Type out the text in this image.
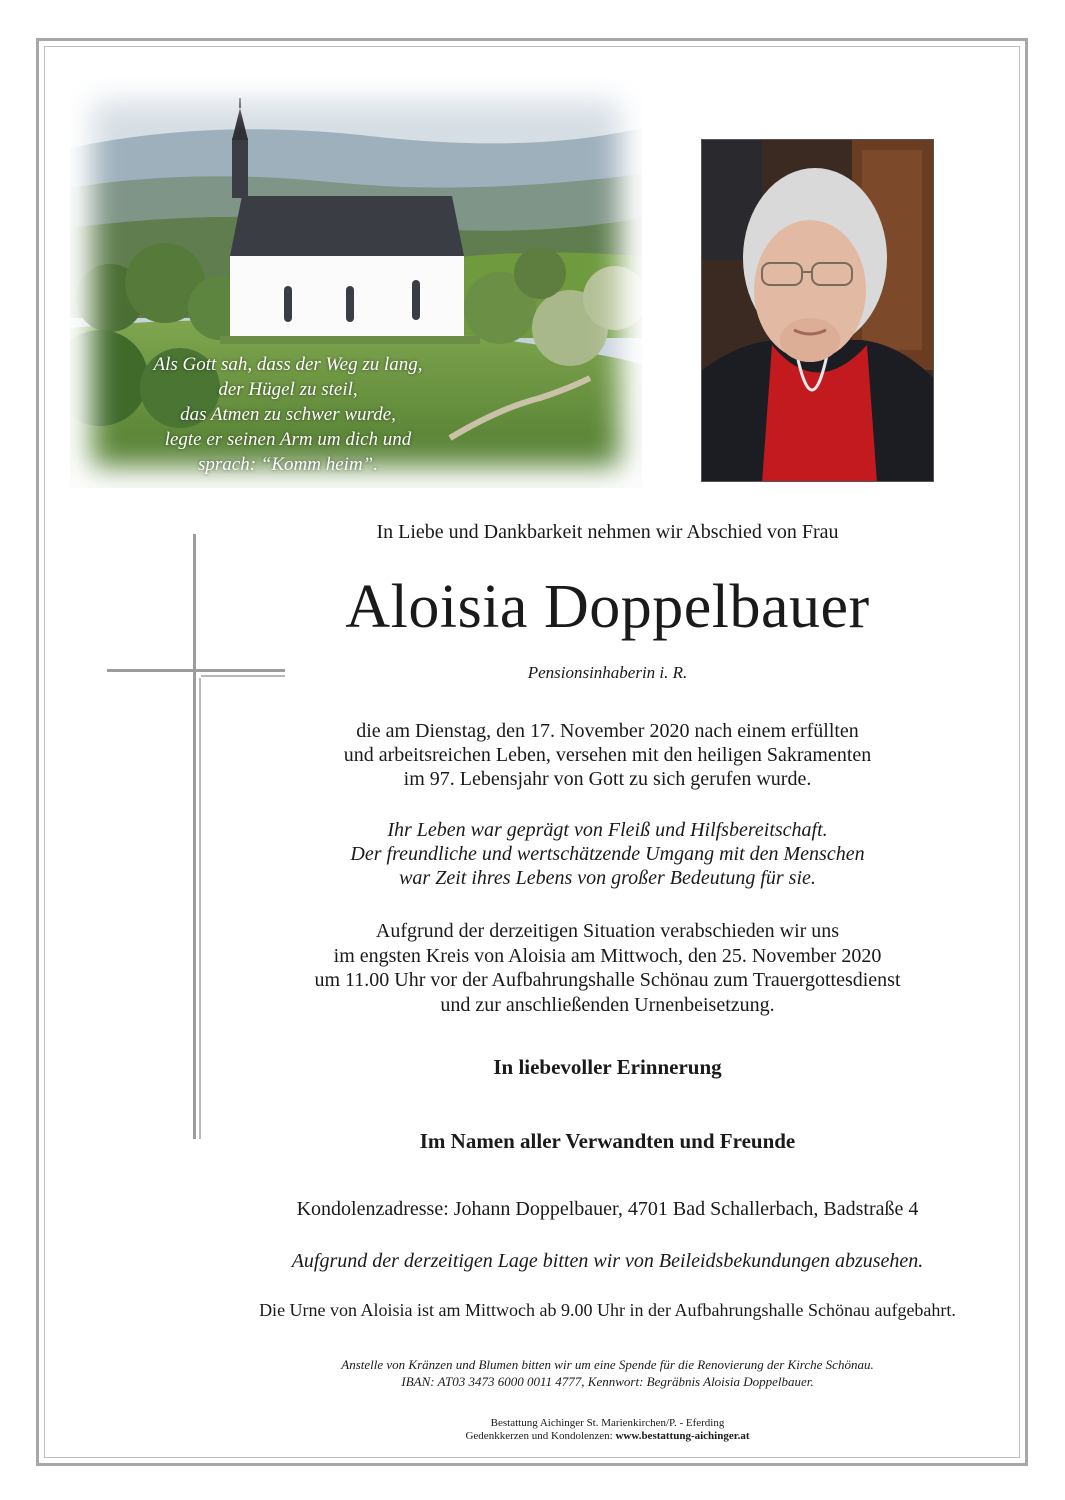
Als Gott sah, dass der Weg zu lang,
der Hügel zu steil,
das Atmen zu schwer wurde,
legte er seinen Arm um dich und
sprach: “Komm heim”.
In Liebe und Dankbarkeit nehmen wir Abschied von Frau
Aloisia Doppelbauer
Pensionsinhaberin i. R.
die am Dienstag, den 17. November 2020 nach einem erfüllten
und arbeitsreichen Leben, versehen mit den heiligen Sakramenten
im 97. Lebensjahr von Gott zu sich gerufen wurde.
Ihr Leben war geprägt von Fleiß und Hilfsbereitschaft.
Der freundliche und wertschätzende Umgang mit den Menschen
war Zeit ihres Lebens von großer Bedeutung für sie.
Aufgrund der derzeitigen Situation verabschieden wir uns
im engsten Kreis von Aloisia am Mittwoch, den 25. November 2020
um 11.00 Uhr vor der Aufbahrungshalle Schönau zum Trauergottesdienst
und zur anschließenden Urnenbeisetzung.
In liebevoller Erinnerung
Im Namen aller Verwandten und Freunde
Kondolenzadresse: Johann Doppelbauer, 4701 Bad Schallerbach, Badstraße 4
Aufgrund der derzeitigen Lage bitten wir von Beileidsbekundungen abzusehen.
Die Urne von Aloisia ist am Mittwoch ab 9.00 Uhr in der Aufbahrungshalle Schönau aufgebahrt.
Anstelle von Kränzen und Blumen bitten wir um eine Spende für die Renovierung der Kirche Schönau.
IBAN: AT03 3473 6000 0011 4777, Kennwort: Begräbnis Aloisia Doppelbauer.
Bestattung Aichinger St. Marienkirchen/P. - Eferding
Gedenkkerzen und Kondolenzen: www.bestattung-aichinger.at
